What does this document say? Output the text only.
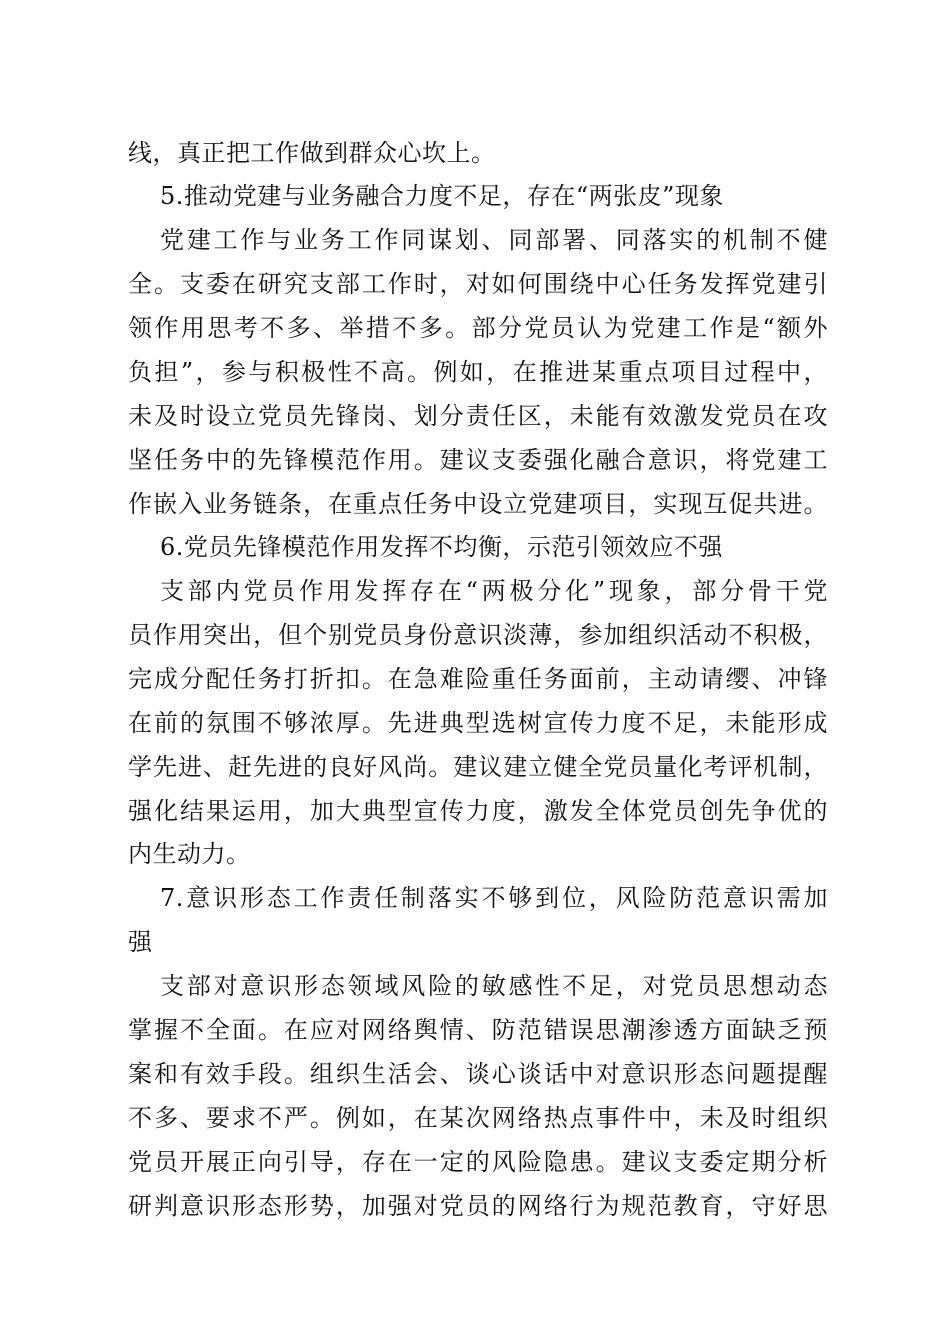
线，真正把工作做到群众心坎上。
5.推动党建与业务融合力度不足，存在“两张皮”现象
党建工作与业务工作同谋划、同部署、同落实的机制不健
全。支委在研究支部工作时，对如何围绕中心任务发挥党建引
领作用思考不多、举措不多。部分党员认为党建工作是“额外
负担”，参与积极性不高。例如，在推进某重点项目过程中，
未及时设立党员先锋岗、划分责任区，未能有效激发党员在攻
坚任务中的先锋模范作用。建议支委强化融合意识，将党建工
作嵌入业务链条，在重点任务中设立党建项目，实现互促共进。
6.党员先锋模范作用发挥不均衡，示范引领效应不强
支部内党员作用发挥存在“两极分化”现象，部分骨干党
员作用突出，但个别党员身份意识淡薄，参加组织活动不积极，
完成分配任务打折扣。在急难险重任务面前，主动请缨、冲锋
在前的氛围不够浓厚。先进典型选树宣传力度不足，未能形成
学先进、赶先进的良好风尚。建议建立健全党员量化考评机制，
强化结果运用，加大典型宣传力度，激发全体党员创先争优的
内生动力。
7.意识形态工作责任制落实不够到位，风险防范意识需加
强
支部对意识形态领域风险的敏感性不足，对党员思想动态
掌握不全面。在应对网络舆情、防范错误思潮渗透方面缺乏预
案和有效手段。组织生活会、谈心谈话中对意识形态问题提醒
不多、要求不严。例如，在某次网络热点事件中，未及时组织
党员开展正向引导，存在一定的风险隐患。建议支委定期分析
研判意识形态形势，加强对党员的网络行为规范教育，守好思
